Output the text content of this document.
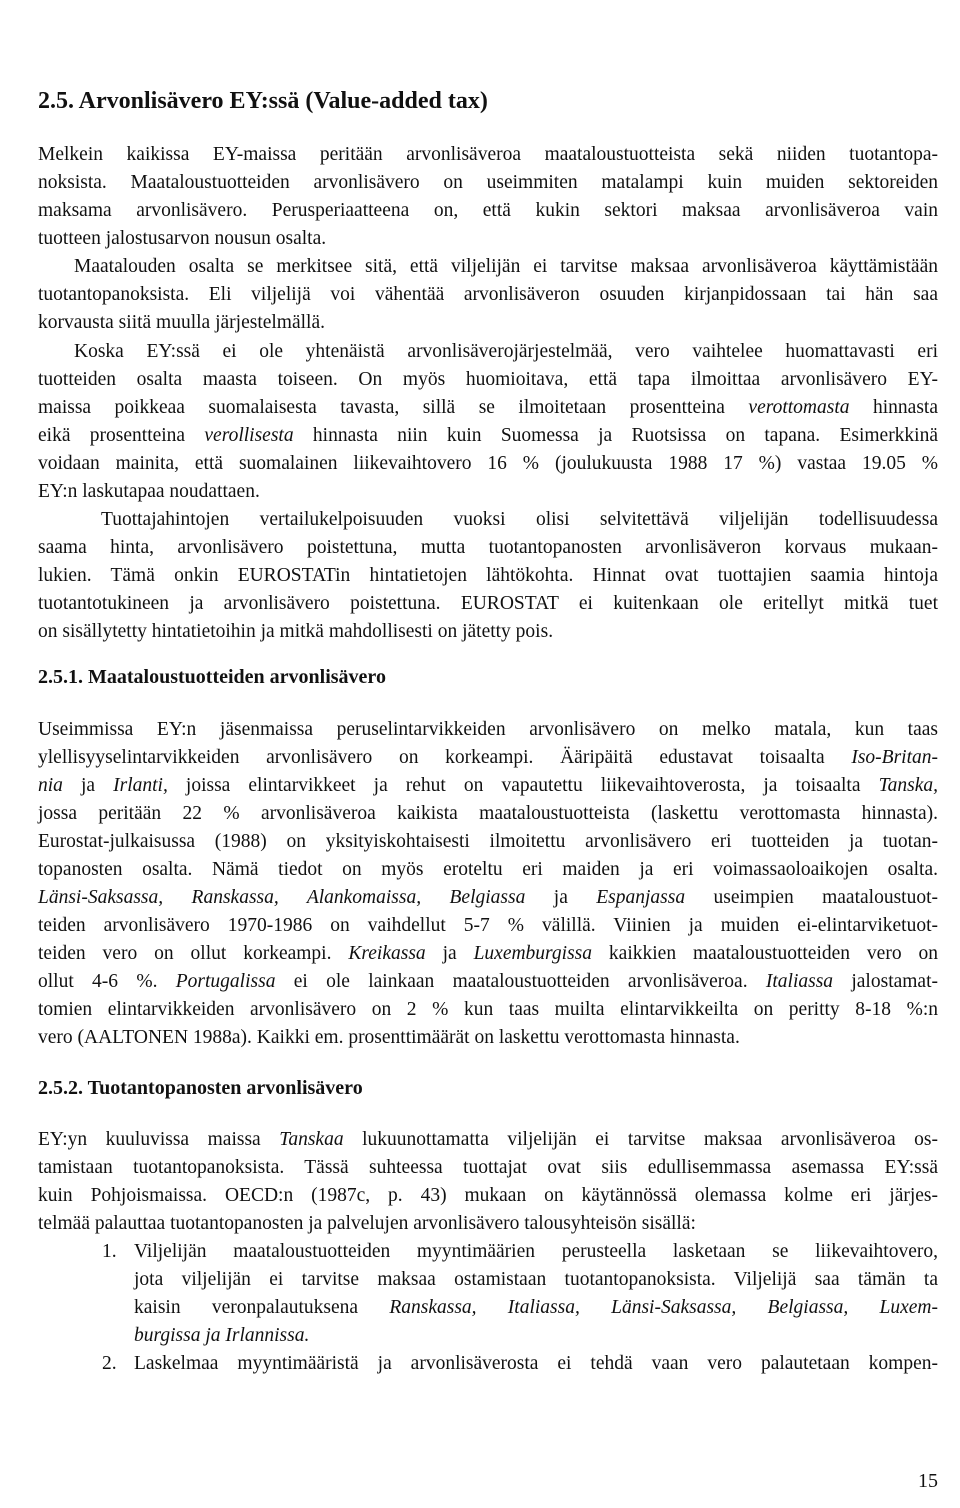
2.5. Arvonlisävero EY:ssä (Value-added tax)

Melkein kaikissa EY-maissa peritään arvonlisäveroa maataloustuotteista sekä niiden tuotantopa-

noksista. Maataloustuotteiden arvonlisävero on useimmiten matalampi kuin muiden sektoreiden

maksama arvonlisävero. Perusperiaatteena on, että kukin sektori maksaa arvonlisäveroa vain

tuotteen jalostusarvon nousun osalta.

Maatalouden osalta se merkitsee sitä, että viljelijän ei tarvitse maksaa arvonlisäveroa käyttämistään

tuotantopanoksista. Eli viljelijä voi vähentää arvonlisäveron osuuden kirjanpidossaan tai hän saa

korvausta siitä muulla järjestelmällä.

Koska EY:ssä ei ole yhtenäistä arvonlisäverojärjestelmää, vero vaihtelee huomattavasti eri

tuotteiden osalta maasta toiseen. On myös huomioitava, että tapa ilmoittaa arvonlisävero EY-

maissa poikkeaa suomalaisesta tavasta, sillä se ilmoitetaan prosentteina verottomasta hinnasta

eikä prosentteina verollisesta hinnasta niin kuin Suomessa ja Ruotsissa on tapana. Esimerkkinä

voidaan mainita, että suomalainen liikevaihtovero 16 % (joulukuusta 1988 17 %) vastaa 19.05 %

EY:n laskutapaa noudattaen.

Tuottajahintojen vertailukelpoisuuden vuoksi olisi selvitettävä viljelijän todellisuudessa

saama hinta, arvonlisävero poistettuna, mutta tuotantopanosten arvonlisäveron korvaus mukaan-

lukien. Tämä onkin EUROSTATin hintatietojen lähtökohta. Hinnat ovat tuottajien saamia hintoja

tuotantotukineen ja arvonlisävero poistettuna. EUROSTAT ei kuitenkaan ole eritellyt mitkä tuet

on sisällytetty hintatietoihin ja mitkä mahdollisesti on jätetty pois.

2.5.1. Maataloustuotteiden arvonlisävero

Useimmissa EY:n jäsenmaissa peruselintarvikkeiden arvonlisävero on melko matala, kun taas

ylellisyyselintarvikkeiden arvonlisävero on korkeampi. Ääripäitä edustavat toisaalta Iso-Britan-

nia ja Irlanti, joissa elintarvikkeet ja rehut on vapautettu liikevaihtoverosta, ja toisaalta Tanska,

jossa peritään 22 % arvonlisäveroa kaikista maataloustuotteista (laskettu verottomasta hinnasta).

Eurostat-julkaisussa (1988) on yksityiskohtaisesti ilmoitettu arvonlisävero eri tuotteiden ja tuotan-

topanosten osalta. Nämä tiedot on myös eroteltu eri maiden ja eri voimassaoloaikojen osalta.

Länsi-Saksassa, Ranskassa, Alankomaissa, Belgiassa ja Espanjassa useimpien maataloustuot-

teiden arvonlisävero 1970-1986 on vaihdellut 5-7 % välillä. Viinien ja muiden ei-elintarviketuot-

teiden vero on ollut korkeampi. Kreikassa ja Luxemburgissa kaikkien maataloustuotteiden vero on

ollut 4-6 %. Portugalissa ei ole lainkaan maataloustuotteiden arvonlisäveroa. Italiassa jalostamat-

tomien elintarvikkeiden arvonlisävero on 2 % kun taas muilta elintarvikkeilta on peritty 8-18 %:n

vero (AALTONEN 1988a). Kaikki em. prosenttimäärät on laskettu verottomasta hinnasta.

2.5.2. Tuotantopanosten arvonlisävero

EY:yn kuuluvissa maissa Tanskaa lukuunottamatta viljelijän ei tarvitse maksaa arvonlisäveroa os-

tamistaan tuotantopanoksista. Tässä suhteessa tuottajat ovat siis edullisemmassa asemassa EY:ssä

kuin Pohjoismaissa. OECD:n (1987c, p. 43) mukaan on käytännössä olemassa kolme eri järjes-

telmää palauttaa tuotantopanosten ja palvelujen arvonlisävero talousyhteisön sisällä:

1. Viljelijän maataloustuotteiden myyntimäärien perusteella lasketaan se liikevaihtovero,

jota viljelijän ei tarvitse maksaa ostamistaan tuotantopanoksista. Viljelijä saa tämän ta

kaisin veronpalautuksena Ranskassa, Italiassa, Länsi-Saksassa, Belgiassa, Luxem-

burgissa ja Irlannissa.

2. Laskelmaa myyntimääristä ja arvonlisäverosta ei tehdä vaan vero palautetaan kompen-

15
